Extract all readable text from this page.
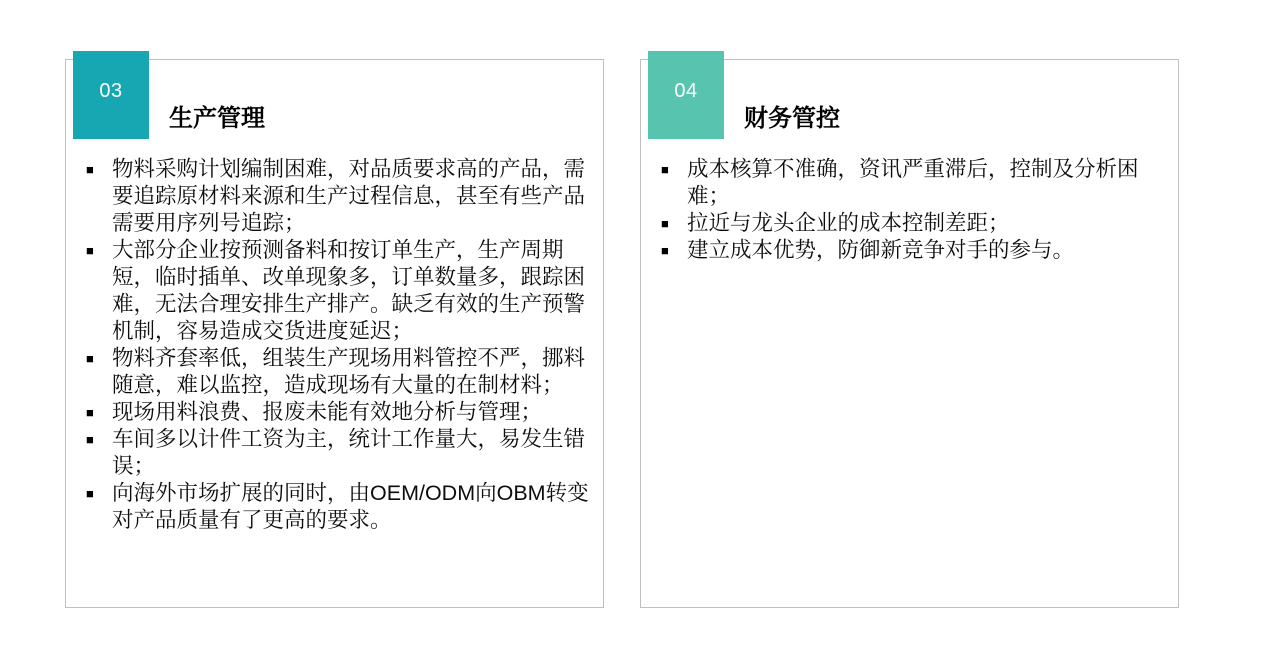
03
生产管理
■ 物料采购计划编制困难，对品质要求高的产品，需要追踪原材料来源和生产过程信息，甚至有些产品需要用序列号追踪；
■ 大部分企业按预测备料和按订单生产，生产周期短，临时插单、改单现象多，订单数量多，跟踪困难，无法合理安排生产排产。缺乏有效的生产预警机制，容易造成交货进度延迟；
■ 物料齐套率低，组装生产现场用料管控不严，挪料随意，难以监控，造成现场有大量的在制材料；
■ 现场用料浪费、报废未能有效地分析与管理；
■ 车间多以计件工资为主，统计工作量大，易发生错误；
■ 向海外市场扩展的同时，由OEM/ODM向OBM转变对产品质量有了更高的要求。
04
财务管控
■ 成本核算不准确，资讯严重滞后，控制及分析困难；
■ 拉近与龙头企业的成本控制差距；
■ 建立成本优势，防御新竞争对手的参与。
